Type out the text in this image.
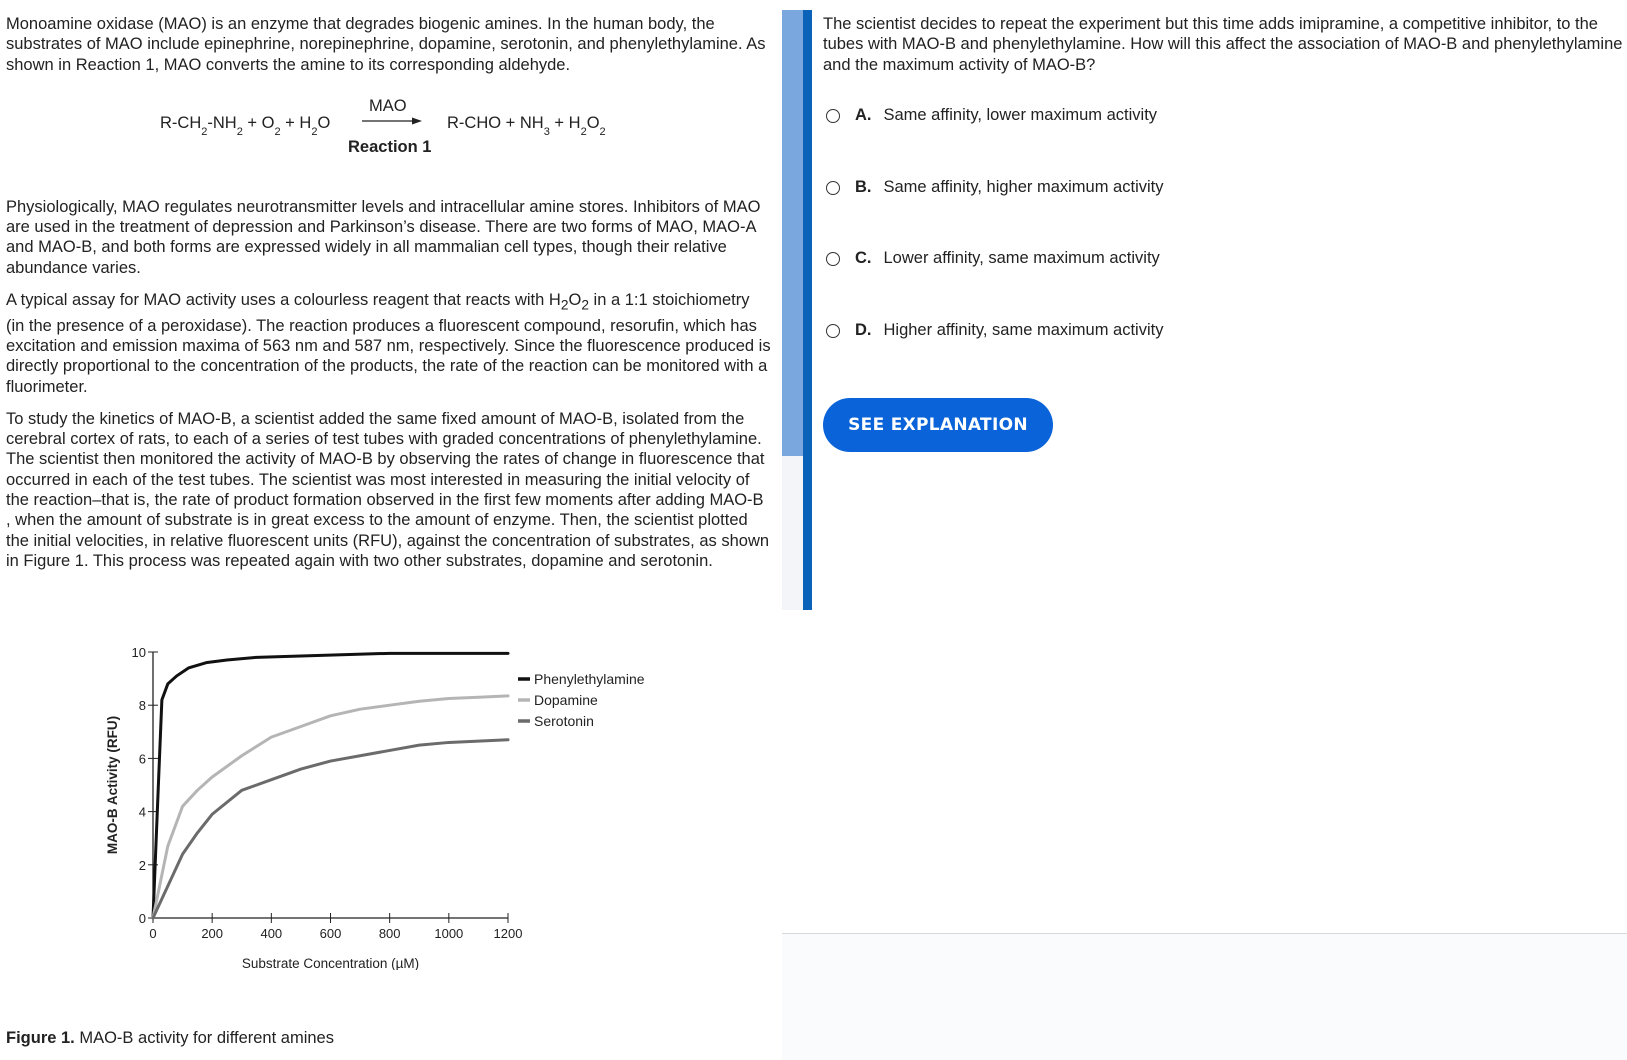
Monoamine oxidase (MAO) is an enzyme that degrades biogenic amines. In the human body, the substrates of MAO include epinephrine, norepinephrine, dopamine, serotonin, and phenylethylamine. As shown in Reaction 1, MAO converts the amine to its corresponding aldehyde.

$R-CH_2-NH_2 + O_2 + H_2O$
MAO
$R-CHO + NH_3 + H_2O_2$
Reaction 1

Physiologically, MAO regulates neurotransmitter levels and intracellular amine stores. Inhibitors of MAO are used in the treatment of depression and Parkinson’s disease. There are two forms of MAO, MAO-A and MAO-B, and both forms are expressed widely in all mammalian cell types, though their relative abundance varies.

A typical assay for MAO activity uses a colourless reagent that reacts with $H_2O_2$ in a 1:1 stoichiometry (in the presence of a peroxidase). The reaction produces a fluorescent compound, resorufin, which has excitation and emission maxima of 563 nm and 587 nm, respectively. Since the fluorescence produced is directly proportional to the concentration of the products, the rate of the reaction can be monitored with a fluorimeter.

To study the kinetics of MAO-B, a scientist added the same fixed amount of MAO-B, isolated from the cerebral cortex of rats, to each of a series of test tubes with graded concentrations of phenylethylamine. The scientist then monitored the activity of MAO-B by observing the rates of change in fluorescence that occurred in each of the test tubes. The scientist was most interested in measuring the initial velocity of the reaction–that is, the rate of product formation observed in the first few moments after adding MAO-B , when the amount of substrate is in great excess to the amount of enzyme. Then, the scientist plotted the initial velocities, in relative fluorescent units (RFU), against the concentration of substrates, as shown in Figure 1. This process was repeated again with two other substrates, dopamine and serotonin.

0
2
4
6
8
10
0	200	400	600	800	1000 1200
Substrate Concentration (µM)
MAO-B Activity (RFU)
Phenylethylamine
Dopamine
Serotonin
Figure 1. MAO-B activity for different amines
The scientist decides to repeat the experiment but this time adds imipramine, a competitive inhibitor, to the tubes with MAO-B and phenylethylamine. How will this affect the association of MAO-B and phenylethylamine and the maximum activity of MAO-B?
A. Same affinity, lower maximum activity
B. Same affinity, higher maximum activity
C. Lower affinity, same maximum activity
D. Higher affinity, same maximum activity
SEE EXPLANATION
